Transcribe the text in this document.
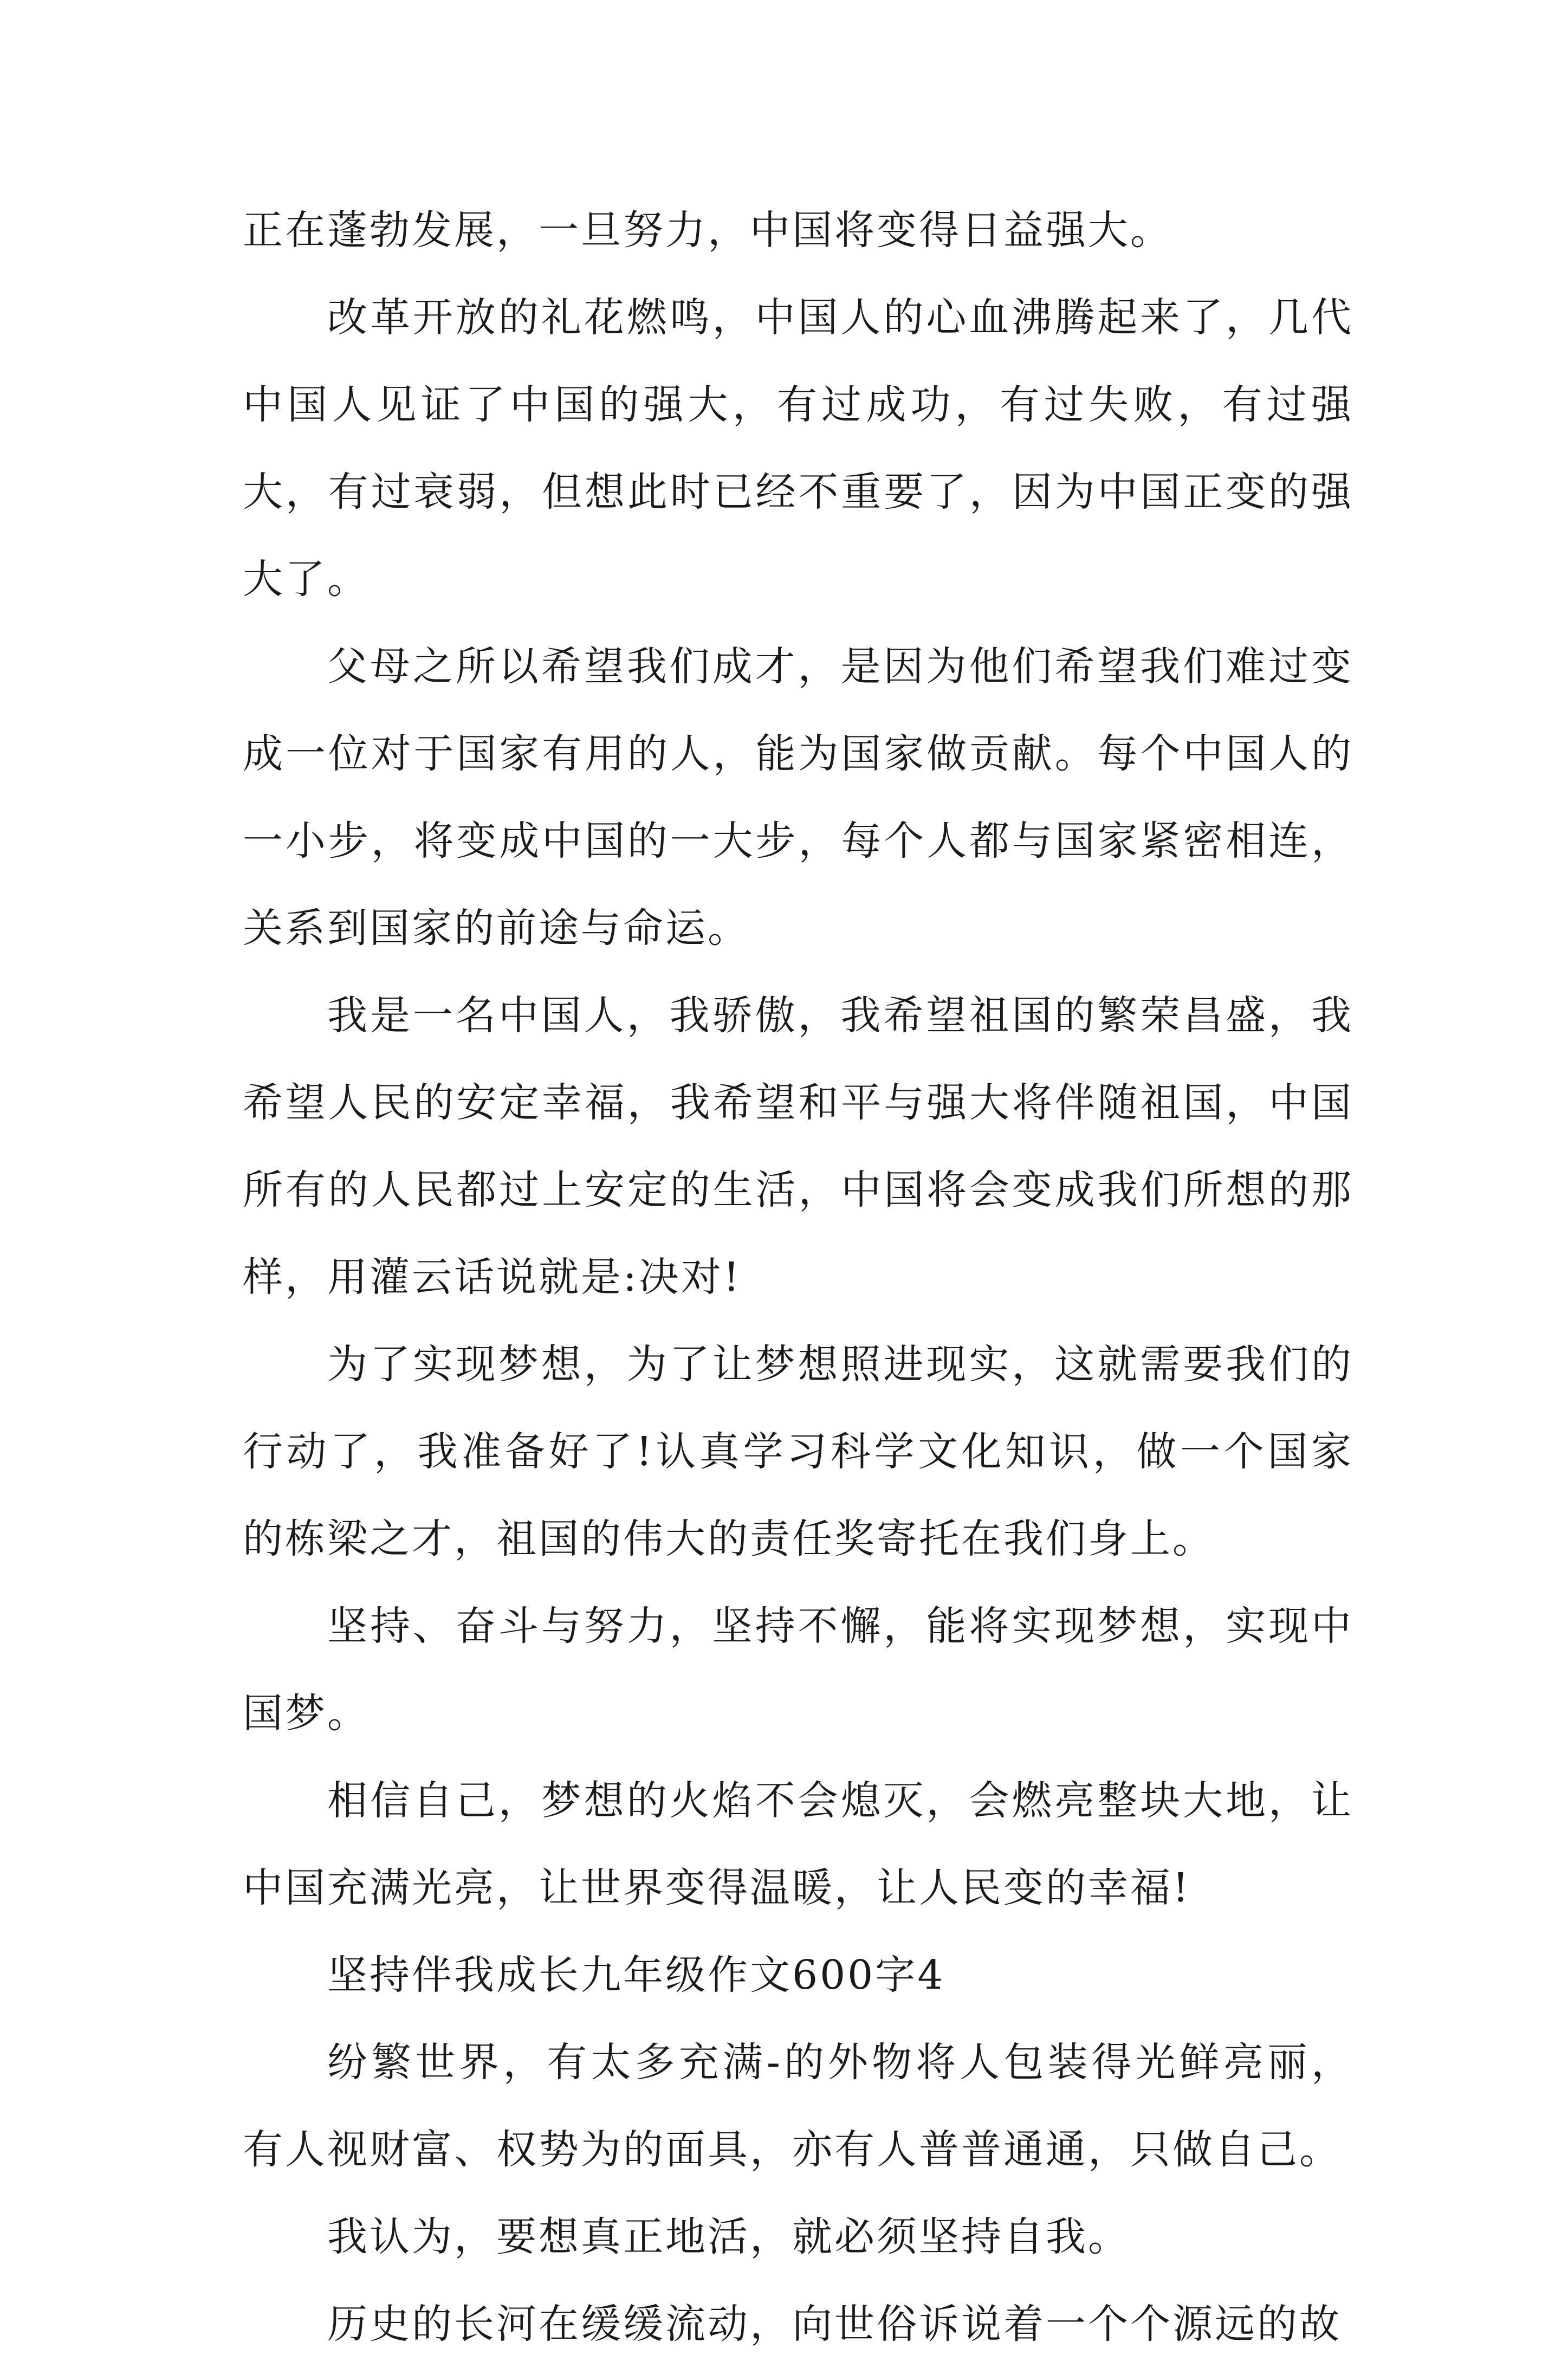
正在蓬勃发展，一旦努力，中国将变得日益强大。

改革开放的礼花燃鸣，中国人的心血沸腾起来了，几代中国人见证了中国的强大，有过成功，有过失败，有过强大，有过衰弱，但想此时已经不重要了，因为中国正变的强大了。

父母之所以希望我们成才，是因为他们希望我们难过变成一位对于国家有用的人，能为国家做贡献。每个中国人的一小步，将变成中国的一大步，每个人都与国家紧密相连，关系到国家的前途与命运。

我是一名中国人，我骄傲，我希望祖国的繁荣昌盛，我希望人民的安定幸福，我希望和平与强大将伴随祖国，中国所有的人民都过上安定的生活，中国将会变成我们所想的那样，用灌云话说就是:决对!

为了实现梦想，为了让梦想照进现实，这就需要我们的行动了，我准备好了!认真学习科学文化知识，做一个国家的栋梁之才，祖国的伟大的责任奖寄托在我们身上。

坚持、奋斗与努力，坚持不懈，能将实现梦想，实现中国梦。

相信自己，梦想的火焰不会熄灭，会燃亮整块大地，让中国充满光亮，让世界变得温暖，让人民变的幸福!

坚持伴我成长九年级作文600字4

纷繁世界，有太多充满-的外物将人包装得光鲜亮丽，有人视财富、权势为的面具，亦有人普普通通，只做自己。

我认为，要想真正地活，就必须坚持自我。

历史的长河在缓缓流动，向世俗诉说着一个个源远的故
